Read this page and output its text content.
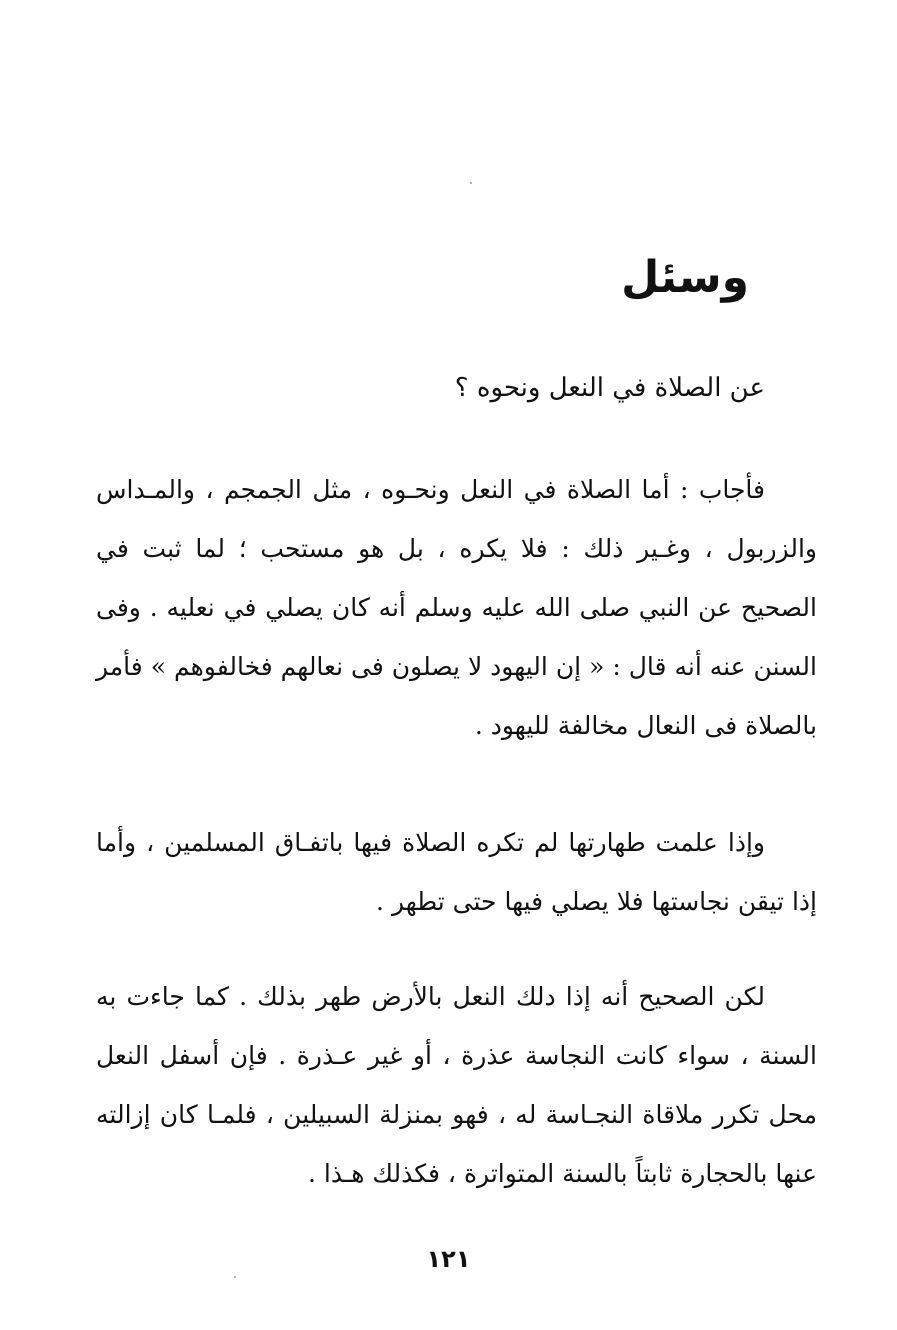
وسئل
عن الصلاة في النعل ونحوه ؟
فأجاب : أما الصلاة في النعل ونحـوه ، مثل الجمجم ، والمـداس والزربول ، وغـير ذلك : فلا يكره ، بل هو مستحب ؛ لما ثبت في الصحيح عن النبي صلى الله عليه وسلم أنه كان يصلي في نعليه . وفى السنن عنه أنه قال : « إن اليهود لا يصلون فى نعالهم فخالفوهم » فأمر بالصلاة فى النعال مخالفة لليهود .
وإذا علمت طهارتها لم تكره الصلاة فيها باتفـاق المسلمين ، وأما إذا تيقن نجاستها فلا يصلي فيها حتى تطهر .
لكن الصحيح أنه إذا دلك النعل بالأرض طهر بذلك . كما جاءت به السنة ، سواء كانت النجاسة عذرة ، أو غير عـذرة . فإن أسفل النعل محل تكرر ملاقاة النجـاسة له ، فهو بمنزلة السبيلين ، فلمـا كان إزالته عنها بالحجارة ثابتاً بالسنة المتواترة ، فكذلك هـذا .
١٢١
